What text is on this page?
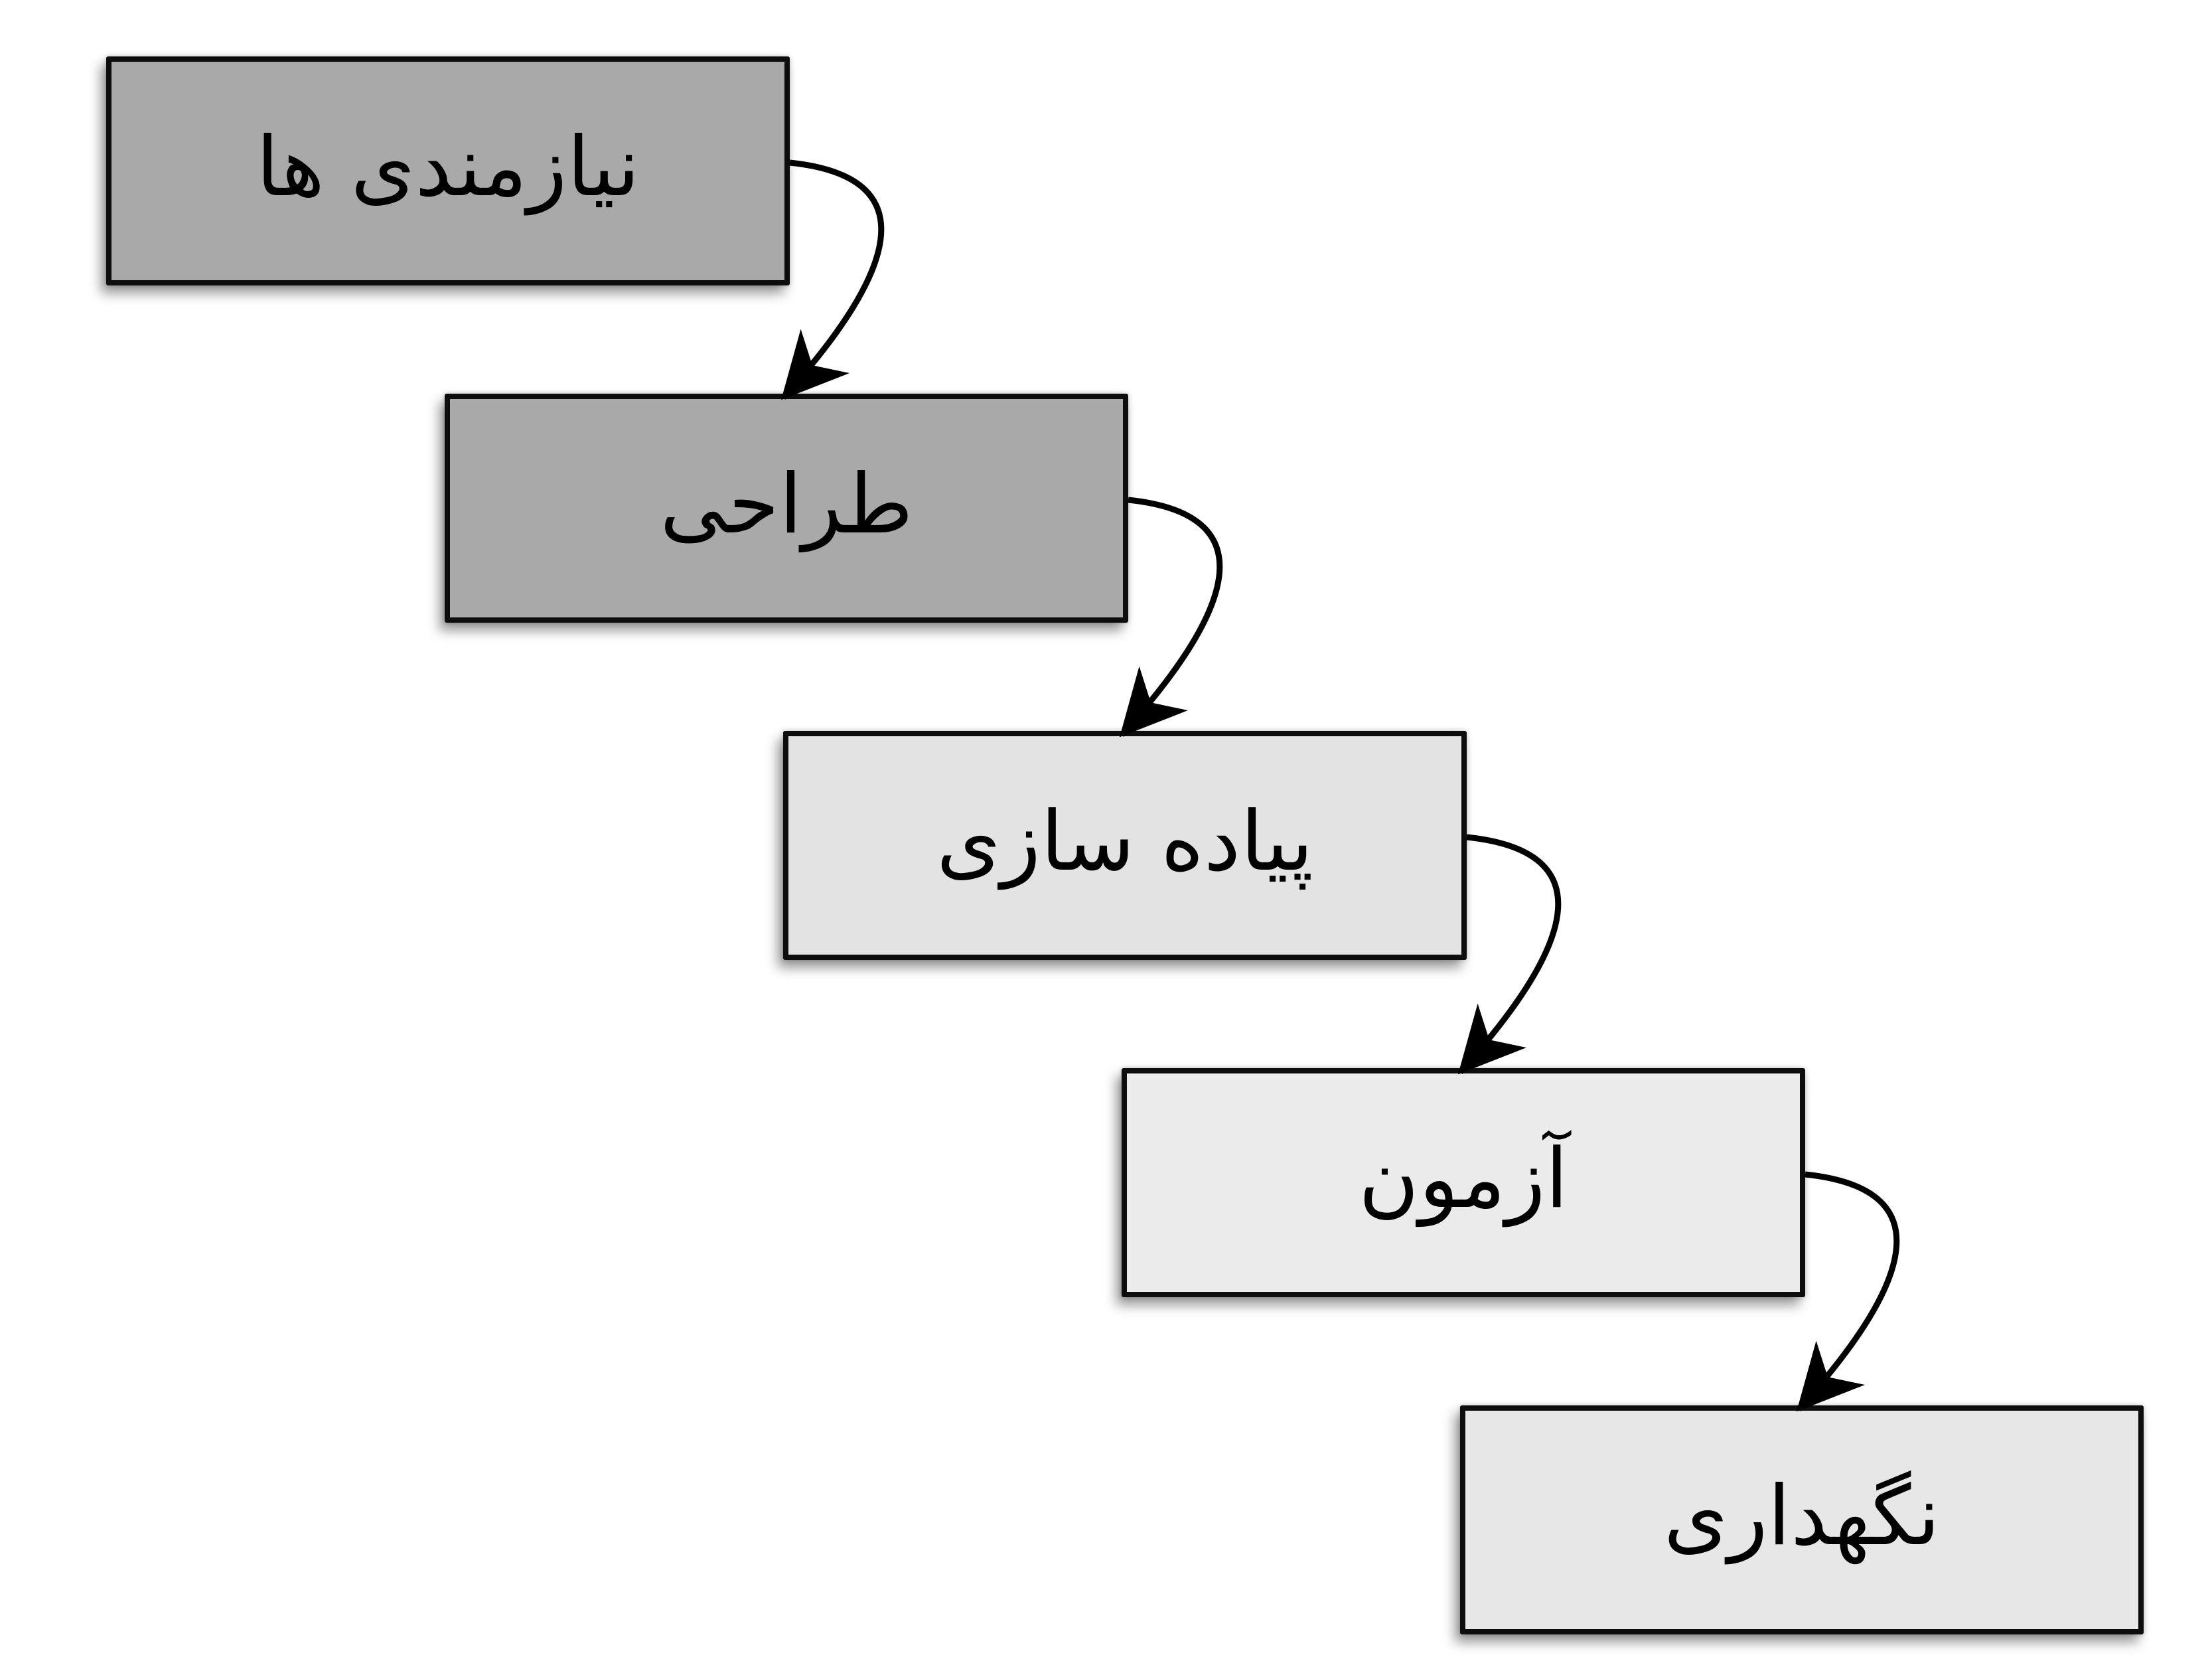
نیازمندی ها
طراحی
پیاده سازی
آزمون
نگهداری
